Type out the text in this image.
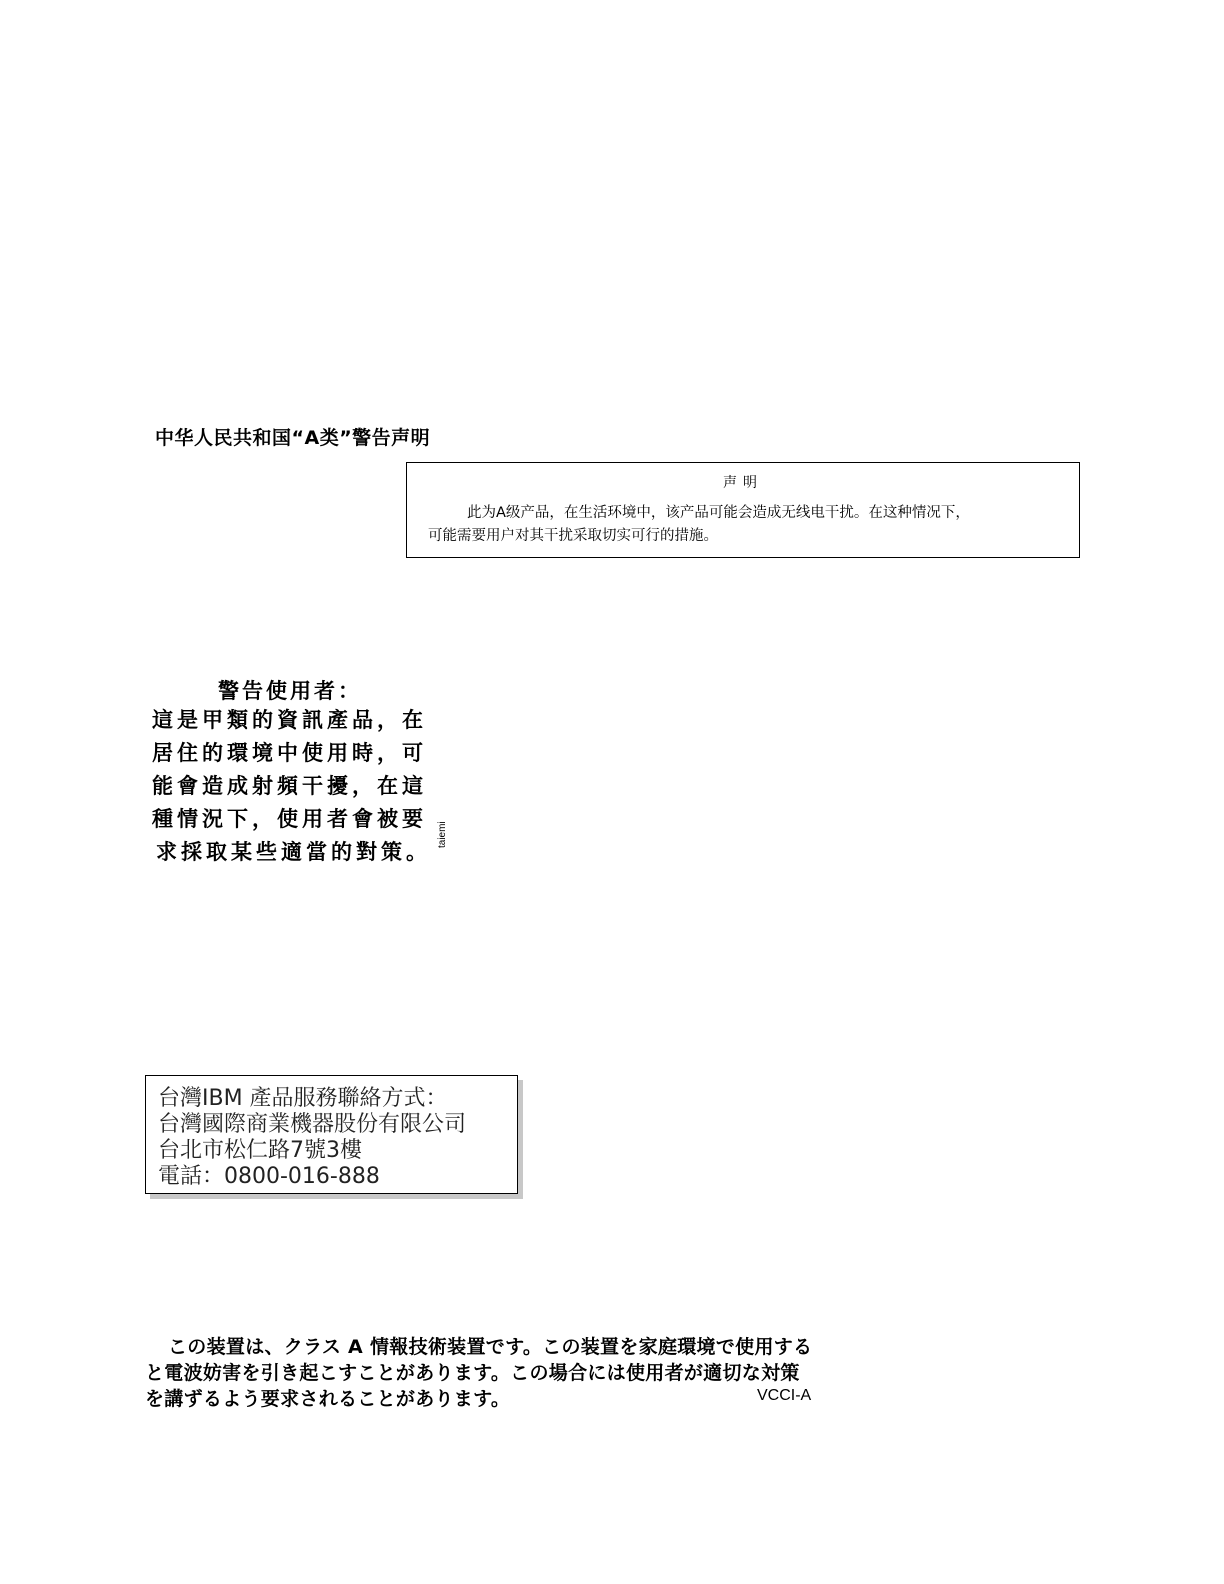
中华人民共和国“A类”警告声明
声明
此为A级产品，在生活环境中，该产品可能会造成无线电干扰。在这种情况下，
可能需要用户对其干扰采取切实可行的措施。
警告使用者：
這是甲類的資訊產品，在
居住的環境中使用時，可
能會造成射頻干擾，在這
種情況下，使用者會被要
求採取某些適當的對策。
taiemi
台灣IBM 產品服務聯絡方式：
台灣國際商業機器股份有限公司
台北市松仁路7號3樓
電話：0800-016-888
この装置は、クラス A 情報技術装置です。この装置を家庭環境で使用する
と電波妨害を引き起こすことがあります。この場合には使用者が適切な対策
を講ずるよう要求されることがあります。	VCCI-A
